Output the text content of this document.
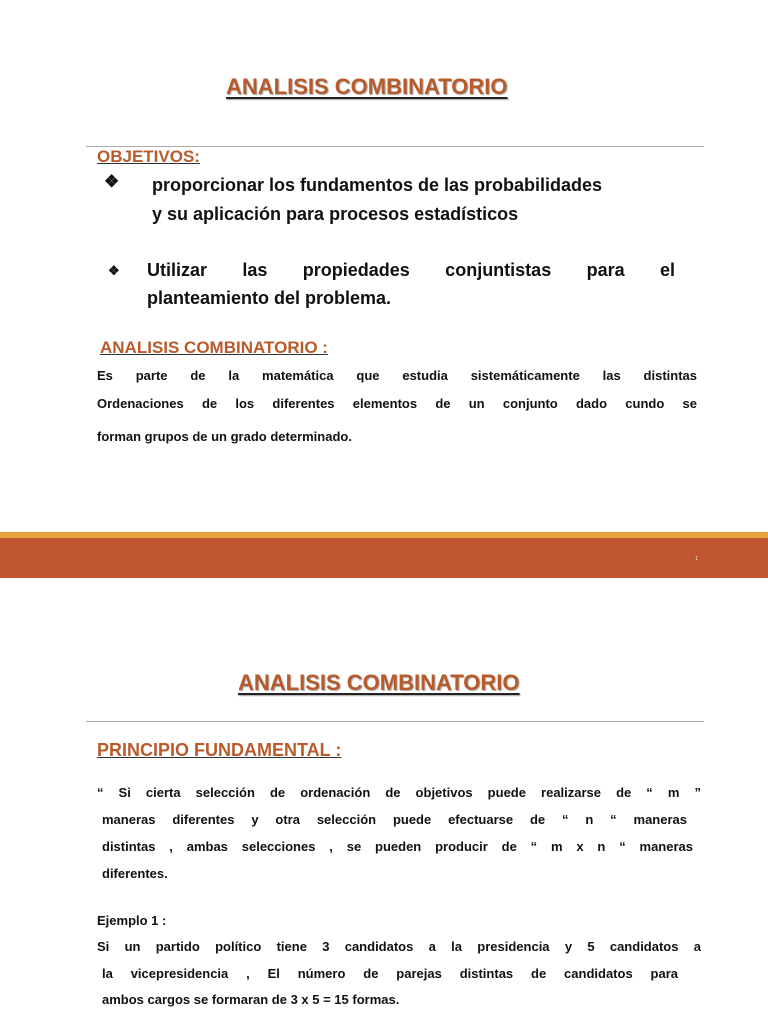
ANALISIS COMBINATORIO
OBJETIVOS:
❖ proporcionar los fundamentos de las probabilidades
y su aplicación para procesos estadísticos
❖ Utilizar las propiedades conjuntistas para el
planteamiento del problema.
ANALISIS COMBINATORIO :
Es parte de la matemática que estudia sistemáticamente las distintas
Ordenaciones de los diferentes elementos de un conjunto dado cundo se
forman grupos de un grado determinado.
1
ANALISIS COMBINATORIO
PRINCIPIO FUNDAMENTAL :
“ Si cierta selección de ordenación de objetivos puede realizarse de “ m ”
maneras diferentes y otra selección puede efectuarse de “ n “ maneras
distintas , ambas selecciones , se pueden producir de “ m x n “ maneras
diferentes.
Ejemplo 1 :
Si un partido político tiene 3 candidatos a la presidencia y 5 candidatos a
la vicepresidencia , El número de parejas distintas de candidatos para
ambos cargos se formaran de 3 x 5 = 15 formas.
